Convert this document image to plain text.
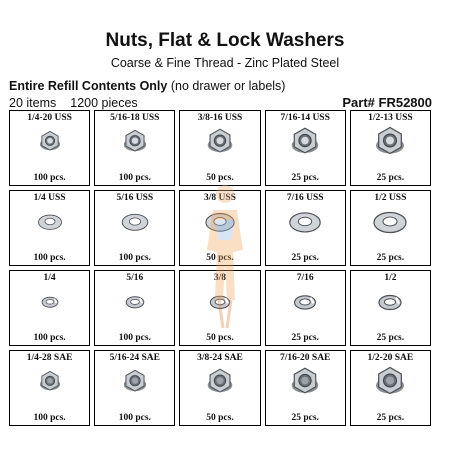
Nuts, Flat & Lock Washers
Coarse & Fine Thread - Zinc Plated Steel
Entire Refill Contents Only (no drawer or labels)
20 items 1200 pieces	Part# FR52800
1/4-20 USS
100 pcs.
5/16-18 USS
100 pcs.
3/8-16 USS
50 pcs.
7/16-14 USS
25 pcs.
1/2-13 USS
25 pcs.
1/4 USS
100 pcs.
5/16 USS
100 pcs.
3/8 USS
50 pcs.
7/16 USS
25 pcs.
1/2 USS
25 pcs.
1/4
100 pcs.
5/16
100 pcs.
3/8
50 pcs.
7/16
25 pcs.
1/2
25 pcs.
1/4-28 SAE
100 pcs.
5/16-24 SAE
100 pcs.
3/8-24 SAE
50 pcs.
7/16-20 SAE
25 pcs.
1/2-20 SAE
25 pcs.
